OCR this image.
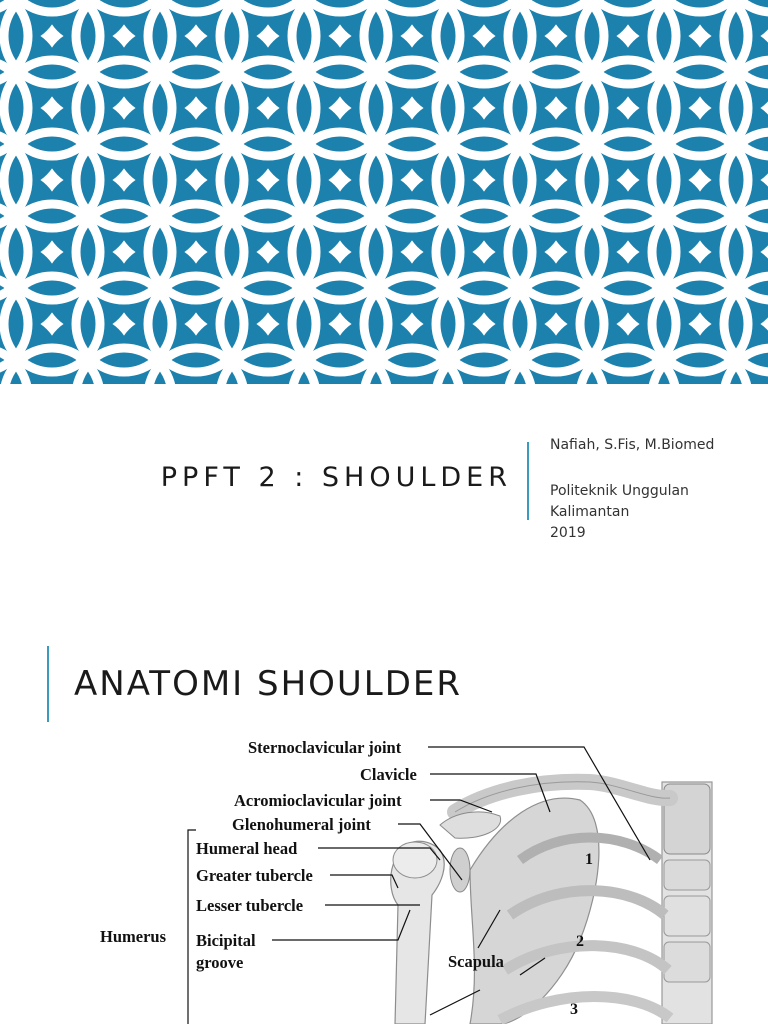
PPFT 2 : SHOULDER
Nafiah, S.Fis, M.Biomed
Politeknik Unggulan
Kalimantan
2019
ANATOMI SHOULDER
Sternoclavicular joint
Clavicle
Acromioclavicular joint
Glenohumeral joint
Humeral head
Greater tubercle
Lesser tubercle
Humerus Bicipital
groove	Scapula
1
2
3
